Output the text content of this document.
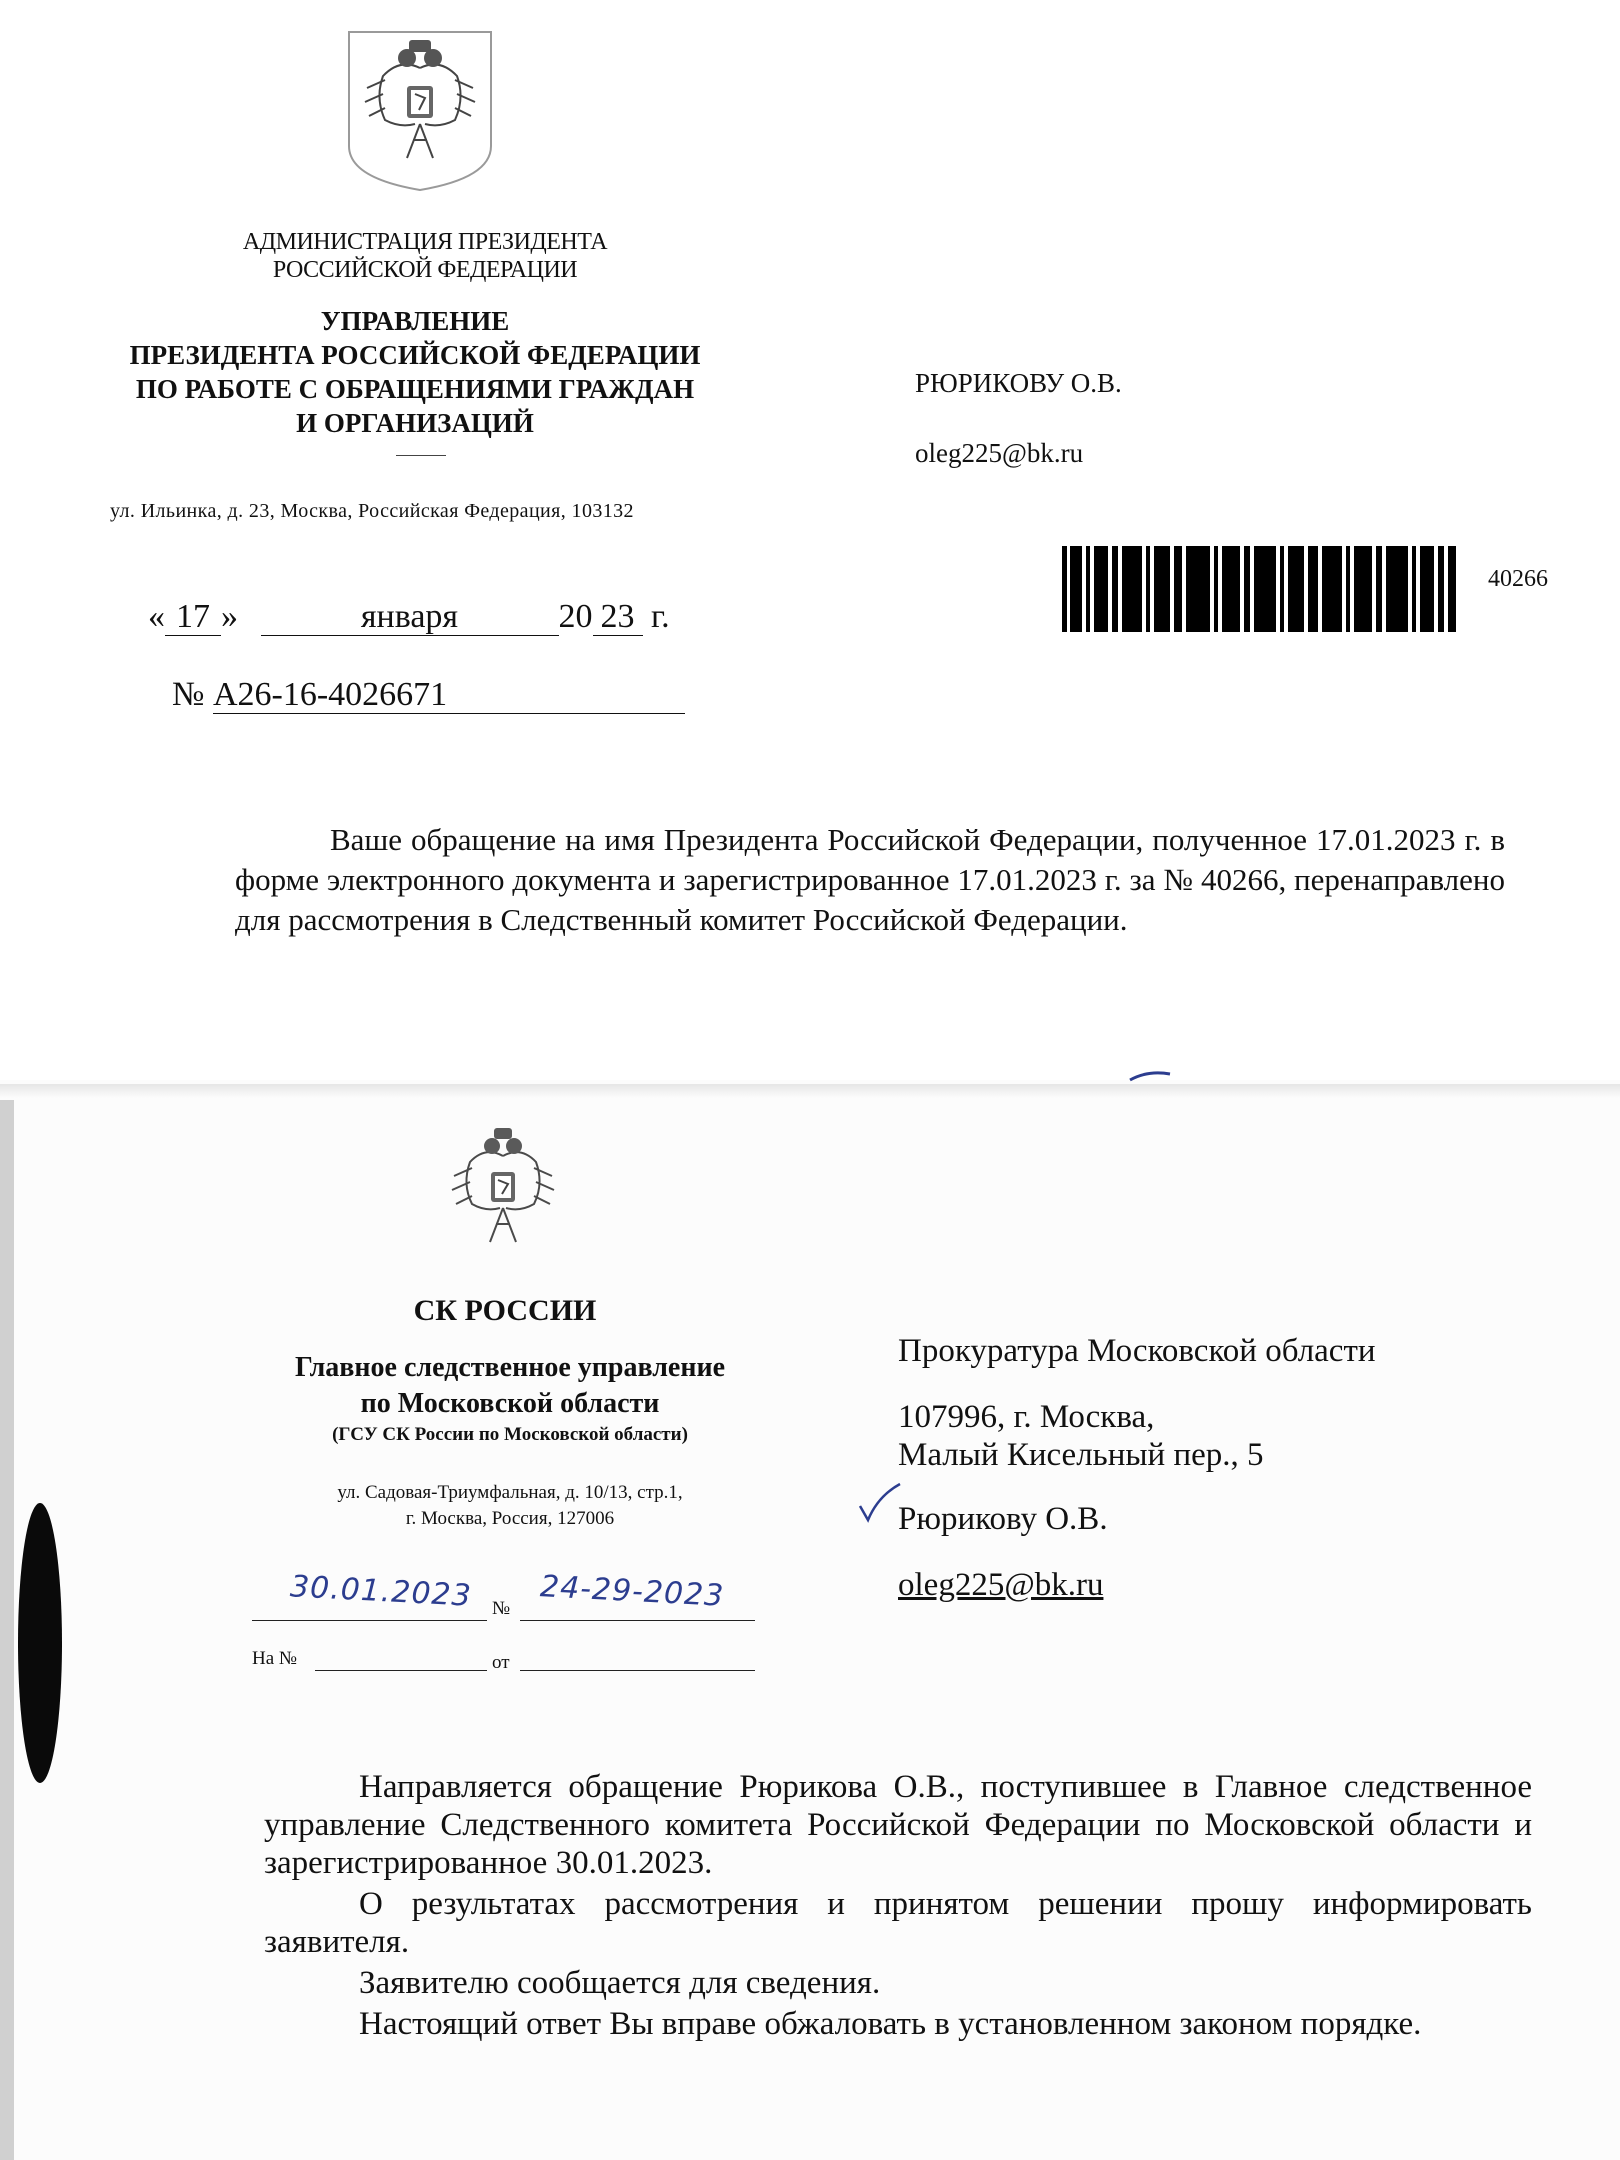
АДМИНИСТРАЦИЯ ПРЕЗИДЕНТА
РОССИЙСКОЙ ФЕДЕРАЦИИ
УПРАВЛЕНИЕ
ПРЕЗИДЕНТА РОССИЙСКОЙ ФЕДЕРАЦИИ
ПО РАБОТЕ С ОБРАЩЕНИЯМИ ГРАЖДАН
И ОРГАНИЗАЦИЙ
ул. Ильинка, д. 23, Москва, Российская Федерация, 103132
« 17 »	января	20 23 г.
№ А26-16-4026671
РЮРИКОВУ О.В.
oleg225@bk.ru
40266

Ваше обращение на имя Президента Российской Федерации, полученное 17.01.2023 г. в форме электронного документа и зарегистрированное 17.01.2023 г. за № 40266, перенаправлено для рассмотрения в Следственный комитет Российской Федерации.

СК РОССИИ
Главное следственное управление
по Московской области
(ГСУ СК России по Московской области)
ул. Садовая-Триумфальная, д. 10/13, стр.1,
г. Москва, Россия, 127006
№
На №	от
30.01.2023 24-29-2023
Прокуратура Московской области
107996, г. Москва,
Малый Кисельный пер., 5
Рюрикову О.В.
oleg225@bk.ru

Направляется обращение Рюрикова О.В., поступившее в Главное следственное управление Следственного комитета Российской Федерации по Московской области и зарегистрированное 30.01.2023.

О результатах рассмотрения и принятом решении прошу информировать заявителя.

Заявителю сообщается для сведения.

Настоящий ответ Вы вправе обжаловать в установленном законом порядке.
